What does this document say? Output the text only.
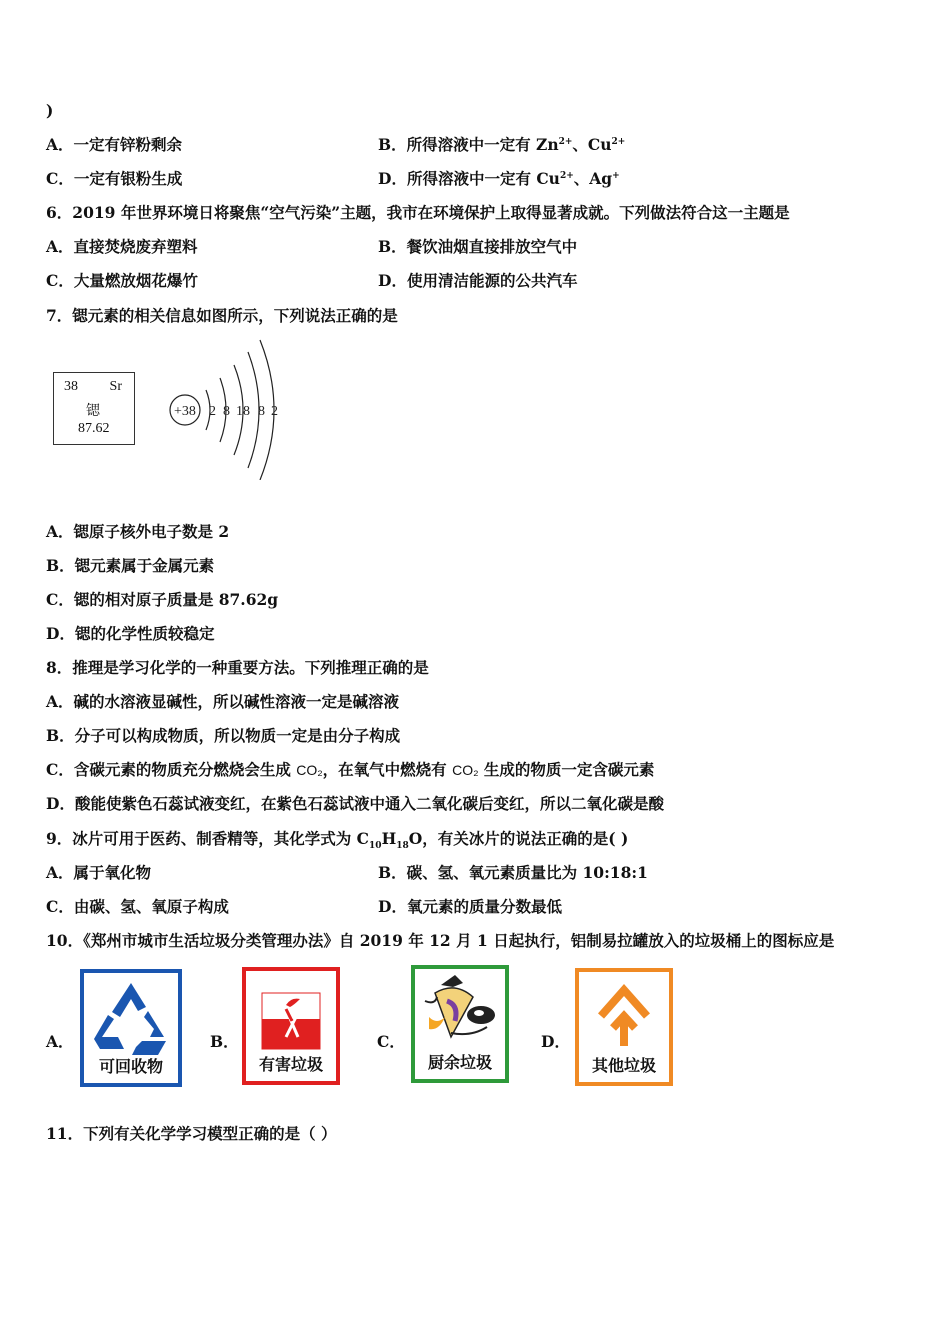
)
A．一定有锌粉剩余	B．所得溶液中一定有 $Zn^{2+}$、$Cu^{2+}$
C．一定有银粉生成	D．所得溶液中一定有 $Cu^{2+}$、Ag+
6．2019 年世界环境日将聚焦“空气污染”主题，我市在环境保护上取得显著成就。下列做法符合这一主题是
A．直接焚烧废弃塑料	B．餐饮油烟直接排放空气中
C．大量燃放烟花爆竹	D．使用清洁能源的公共汽车
7．锶元素的相关信息如图所示，下列说法正确的是
38 Sr
锶
87.62
+38 2 8 18 8 2
A．锶原子核外电子数是 2
B．锶元素属于金属元素
C．锶的相对原子质量是 87.62g
D．锶的化学性质较稳定
8．推理是学习化学的一种重要方法。下列推理正确的是
A．碱的水溶液显碱性，所以碱性溶液一定是碱溶液
B．分子可以构成物质，所以物质一定是由分子构成
C．含碳元素的物质充分燃烧会生成 CO₂，在氧气中燃烧有 CO₂ 生成的物质一定含碳元素
D．酸能使紫色石蕊试液变红，在紫色石蕊试液中通入二氧化碳后变红，所以二氧化碳是酸
9．冰片可用于医药、制香精等，其化学式为 $C_{10}H_{18}O$，有关冰片的说法正确的是( )
A．属于氧化物	B．碳、氢、氧元素质量比为 10:18:1
C．由碳、氢、氧原子构成	D．氧元素的质量分数最低
10．《郑州市城市生活垃圾分类管理办法》自 2019 年 12 月 1 日起执行，铝制易拉罐放入的垃圾桶上的图标应是
A．
可回收物
B．
有害垃圾
C．
厨余垃圾
D．
其他垃圾
11．下列有关化学学习模型正确的是（ ）
